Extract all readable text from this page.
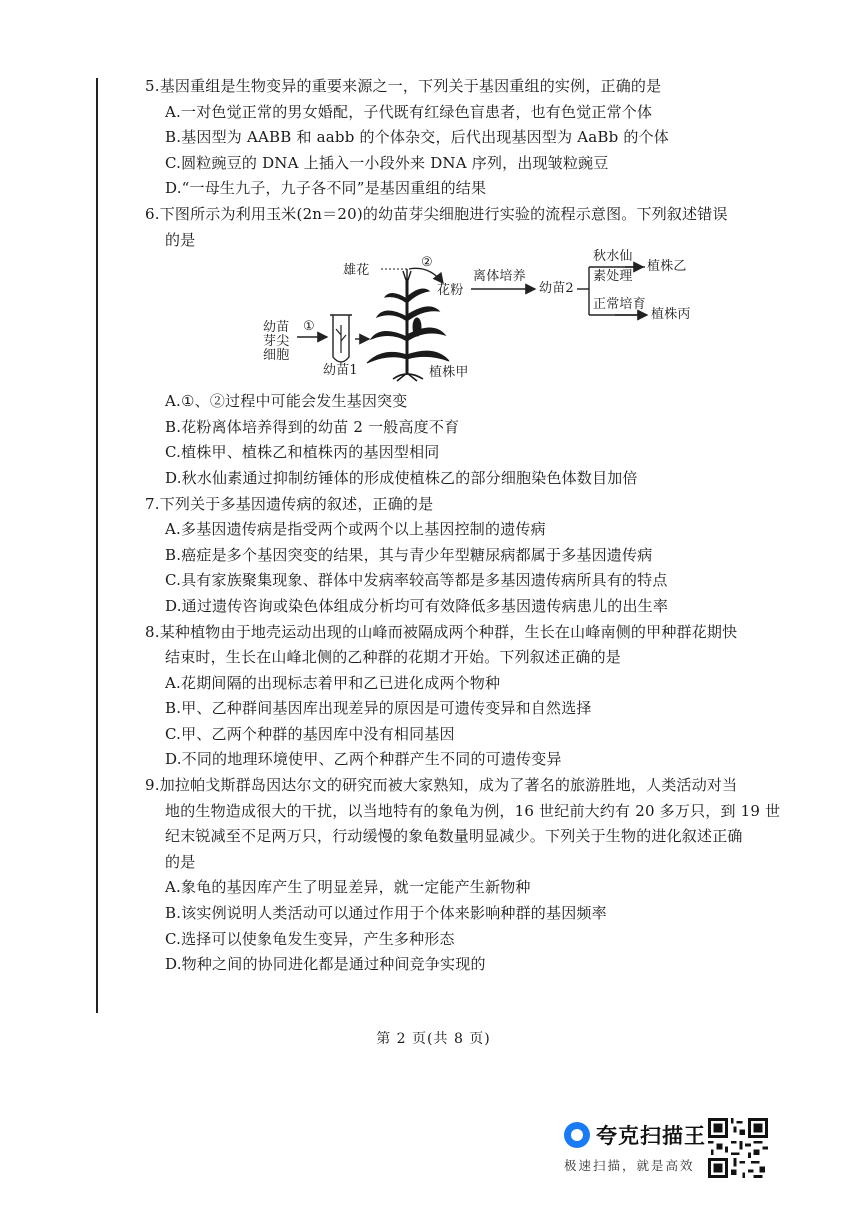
5.基因重组是生物变异的重要来源之一，下列关于基因重组的实例，正确的是
A.一对色觉正常的男女婚配，子代既有红绿色盲患者，也有色觉正常个体
B.基因型为 AABB 和 aabb 的个体杂交，后代出现基因型为 AaBb 的个体
C.圆粒豌豆的 DNA 上插入一小段外来 DNA 序列，出现皱粒豌豆
D.“一母生九子，九子各不同”是基因重组的结果
6.下图所示为利用玉米(2n＝20)的幼苗芽尖细胞进行实验的流程示意图。下列叙述错误
的是
幼苗
芽尖
细胞
①
幼苗1
雄花
②
花粉
离体培养
幼苗2
秋水仙
素处理
植株乙
正常培育
植株丙
植株甲
A.①、②过程中可能会发生基因突变
B.花粉离体培养得到的幼苗 2 一般高度不育
C.植株甲、植株乙和植株丙的基因型相同
D.秋水仙素通过抑制纺锤体的形成使植株乙的部分细胞染色体数目加倍
7.下列关于多基因遗传病的叙述，正确的是
A.多基因遗传病是指受两个或两个以上基因控制的遗传病
B.癌症是多个基因突变的结果，其与青少年型糖尿病都属于多基因遗传病
C.具有家族聚集现象、群体中发病率较高等都是多基因遗传病所具有的特点
D.通过遗传咨询或染色体组成分析均可有效降低多基因遗传病患儿的出生率
8.某种植物由于地壳运动出现的山峰而被隔成两个种群，生长在山峰南侧的甲种群花期快
结束时，生长在山峰北侧的乙种群的花期才开始。下列叙述正确的是
A.花期间隔的出现标志着甲和乙已进化成两个物种
B.甲、乙种群间基因库出现差异的原因是可遗传变异和自然选择
C.甲、乙两个种群的基因库中没有相同基因
D.不同的地理环境使甲、乙两个种群产生不同的可遗传变异
9.加拉帕戈斯群岛因达尔文的研究而被大家熟知，成为了著名的旅游胜地，人类活动对当
地的生物造成很大的干扰，以当地特有的象龟为例，16 世纪前大约有 20 多万只，到 19 世
纪末锐减至不足两万只，行动缓慢的象龟数量明显减少。下列关于生物的进化叙述正确
的是
A.象龟的基因库产生了明显差异，就一定能产生新物种
B.该实例说明人类活动可以通过作用于个体来影响种群的基因频率
C.选择可以使象龟发生变异，产生多种形态
D.物种之间的协同进化都是通过种间竞争实现的
第 2 页(共 8 页)
夸克扫描王
极速扫描，就是高效
